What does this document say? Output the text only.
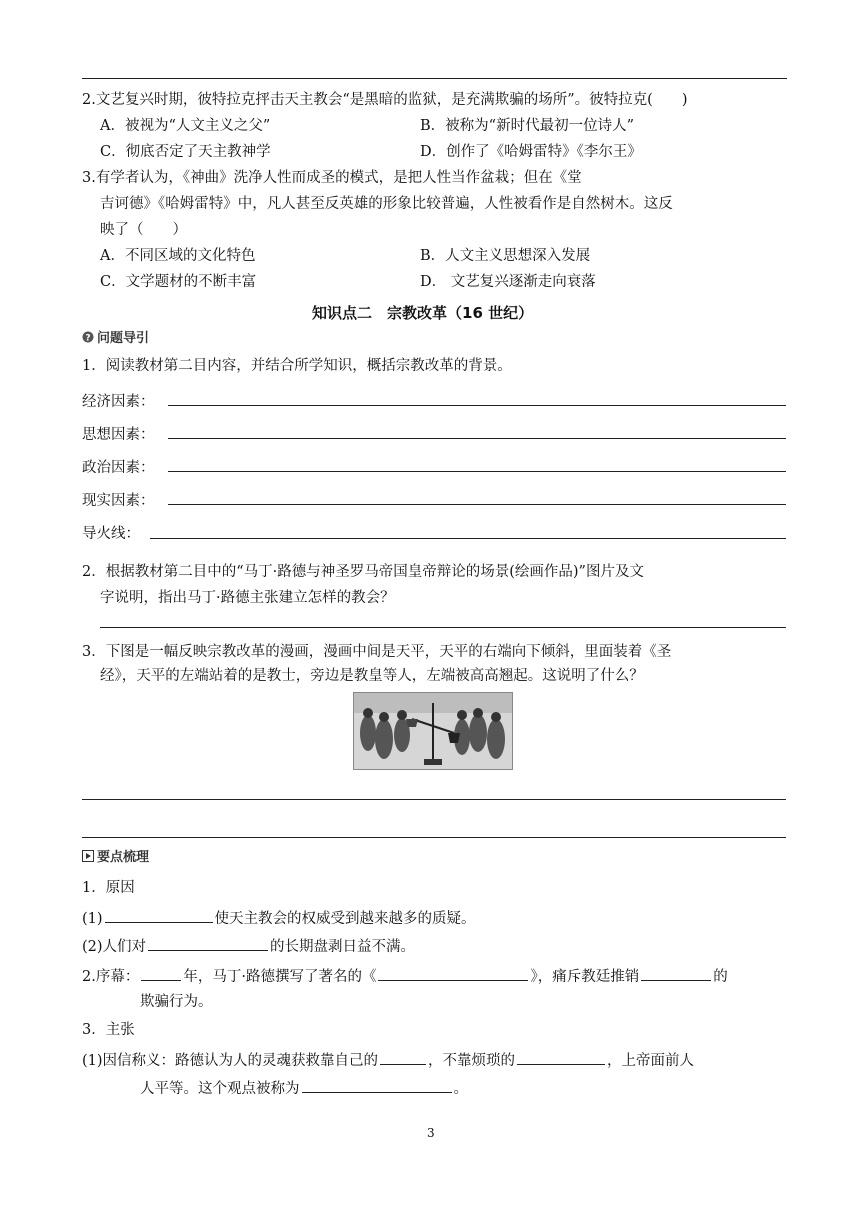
2.文艺复兴时期，彼特拉克抨击天主教会“是黑暗的监狱，是充满欺骗的场所”。彼特拉克(　　)
A．被视为“人文主义之父”	B．被称为“新时代最初一位诗人”
C．彻底否定了天主教神学	D．创作了《哈姆雷特》《李尔王》
3.有学者认为，《神曲》洗净人性而成圣的模式，是把人性当作盆栽；但在《堂
吉诃德》《哈姆雷特》中，凡人甚至反英雄的形象比较普遍，人性被看作是自然树木。这反
映了（　　）
A．不同区域的文化特色	B．人文主义思想深入发展
C．文学题材的不断丰富	D． 文艺复兴逐渐走向衰落
知识点二　宗教改革（16 世纪）
? 问题导引
1．阅读教材第二目内容，并结合所学知识，概括宗教改革的背景。
经济因素：
思想因素：
政治因素：
现实因素：
导火线：
2．根据教材第二目中的“马丁·路德与神圣罗马帝国皇帝辩论的场景(绘画作品)”图片及文
字说明，指出马丁·路德主张建立怎样的教会？
3．下图是一幅反映宗教改革的漫画，漫画中间是天平，天平的右端向下倾斜，里面装着《圣
经》，天平的左端站着的是教士，旁边是教皇等人，左端被高高翘起。这说明了什么？
要点梳理
1．原因
(1)	使天主教会的权威受到越来越多的质疑。
(2)人们对	的长期盘剥日益不满。
2.序幕：	年，马丁·路德撰写了著名的《	》，痛斥教廷推销	的
欺骗行为。
3．主张
(1)因信称义：路德认为人的灵魂获救靠自己的	，不靠烦琐的	，上帝面前人
人平等。这个观点被称为	。
3
